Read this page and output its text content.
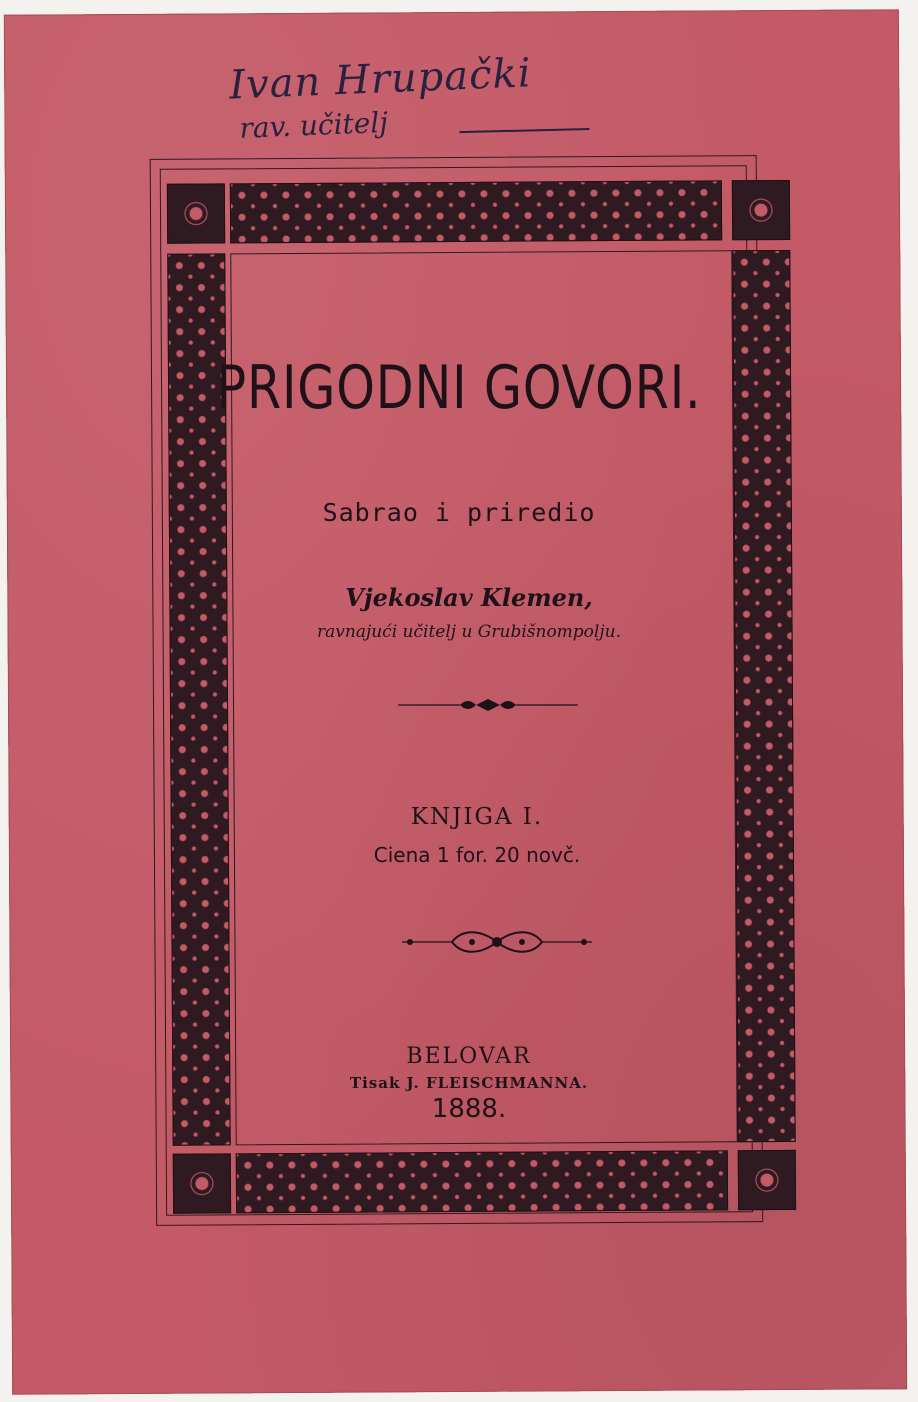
Ivan Hrupački
rav. učitelj
PRIGODNI GOVORI.
Sabrao i priredio
Vjekoslav Klemen,
ravnajući učitelj u Grubišnompolju.
KNJIGA I.
Ciena 1 for. 20 novč.
BELOVAR
Tisak J. FLEISCHMANNA.
1888.
